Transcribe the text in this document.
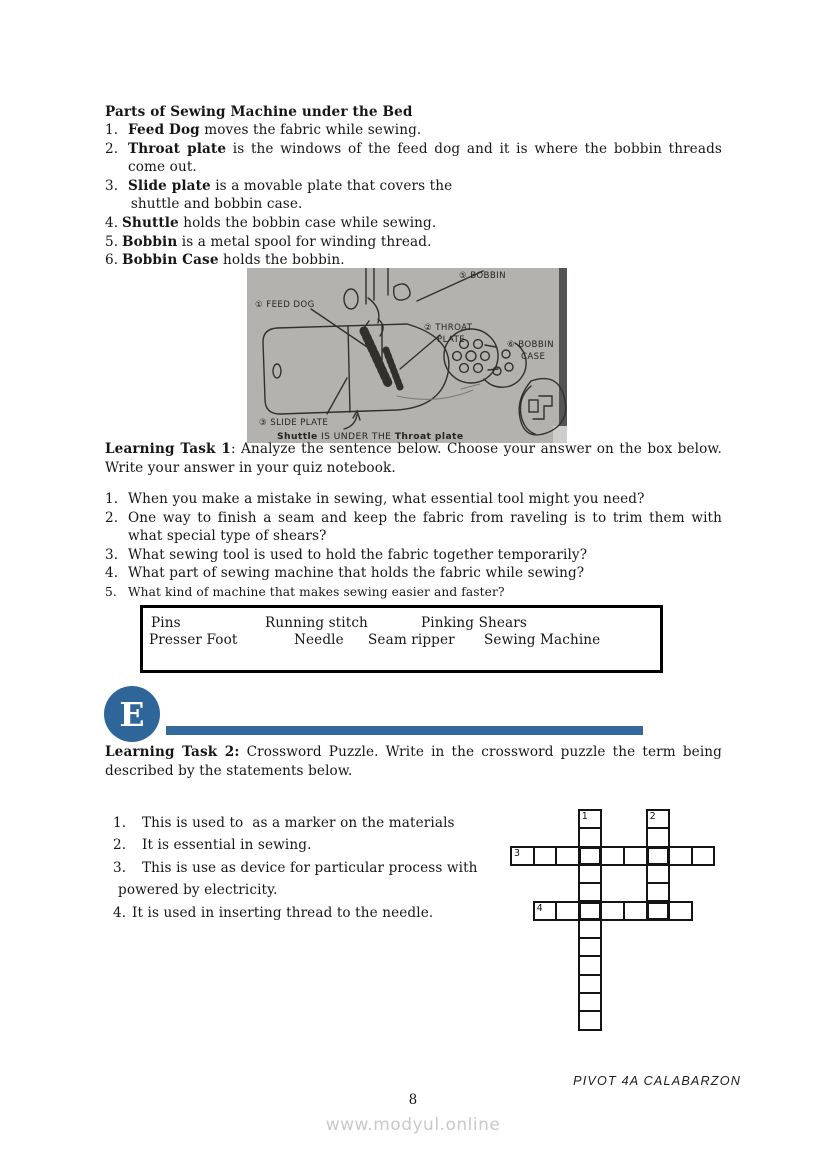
Parts of Sewing Machine under the Bed
1. Feed Dog moves the fabric while sewing.
2. Throat plate is the windows of the feed dog and it is where the bobbin threads come out.
3. Slide plate is a movable plate that covers the
 shuttle and bobbin case.
4. Shuttle holds the bobbin case while sewing.
5. Bobbin is a metal spool for winding thread.
6. Bobbin Case holds the bobbin.
⑤ BOBBIN
① FEED DOG
② THROAT
PLATE	⑥ BOBBIN
CASE
③ SLIDE PLATE
Shuttle IS UNDER THE Throat plate

Learning Task 1: Analyze the sentence below. Choose your answer on the box below. Write your answer in your quiz notebook.

1. When you make a mistake in sewing, what essential tool might you need?
2. One way to finish a seam and keep the fabric from raveling is to trim them with what special type of shears?
3. What sewing tool is used to hold the fabric together temporarily?
4. What part of sewing machine that holds the fabric while sewing?
5. What kind of machine that makes sewing easier and faster?
Pins	Running stitch	Pinking Shears
Presser Foot	Needle Seam ripper Sewing Machine
E

Learning Task 2: Crossword Puzzle. Write in the crossword puzzle the term being described by the statements below.

1. This is used to  as a marker on the materials
2. It is essential in sewing.
3. This is use as device for particular process with
powered by electricity.
4. It is used in inserting thread to the needle.
1	2
3
4
PIVOT 4A CALABARZON
8
www.modyul.online
